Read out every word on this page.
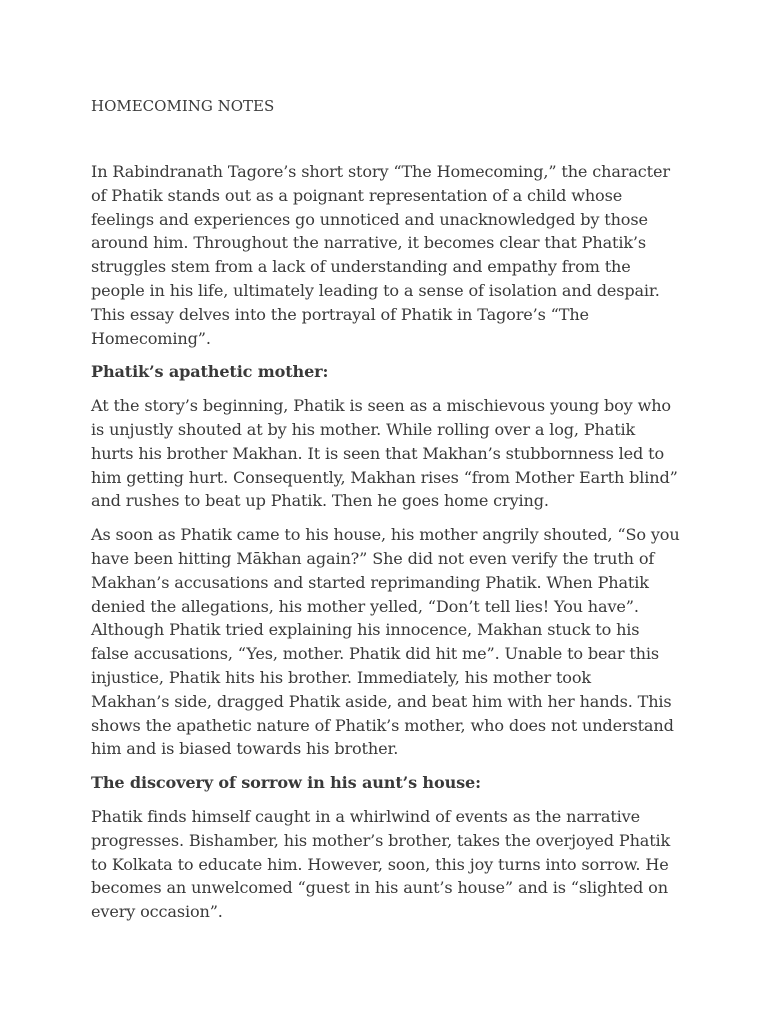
HOMECOMING NOTES

In Rabindranath Tagore’s short story “The Homecoming,” the character
of Phatik stands out as a poignant representation of a child whose
feelings and experiences go unnoticed and unacknowledged by those
around him. Throughout the narrative, it becomes clear that Phatik’s
struggles stem from a lack of understanding and empathy from the
people in his life, ultimately leading to a sense of isolation and despair.
This essay delves into the portrayal of Phatik in Tagore’s “The
Homecoming”.

Phatik’s apathetic mother:

At the story’s beginning, Phatik is seen as a mischievous young boy who
is unjustly shouted at by his mother. While rolling over a log, Phatik
hurts his brother Makhan. It is seen that Makhan’s stubbornness led to
him getting hurt. Consequently, Makhan rises “from Mother Earth blind”
and rushes to beat up Phatik. Then he goes home crying.

As soon as Phatik came to his house, his mother angrily shouted, “So you
have been hitting Mākhan again?” She did not even verify the truth of
Makhan’s accusations and started reprimanding Phatik. When Phatik
denied the allegations, his mother yelled, “Don’t tell lies! You have”.
Although Phatik tried explaining his innocence, Makhan stuck to his
false accusations, “Yes, mother. Phatik did hit me”. Unable to bear this
injustice, Phatik hits his brother. Immediately, his mother took
Makhan’s side, dragged Phatik aside, and beat him with her hands. This
shows the apathetic nature of Phatik’s mother, who does not understand
him and is biased towards his brother.

The discovery of sorrow in his aunt’s house:

Phatik finds himself caught in a whirlwind of events as the narrative
progresses. Bishamber, his mother’s brother, takes the overjoyed Phatik
to Kolkata to educate him. However, soon, this joy turns into sorrow. He
becomes an unwelcomed “guest in his aunt’s house” and is “slighted on
every occasion”.
